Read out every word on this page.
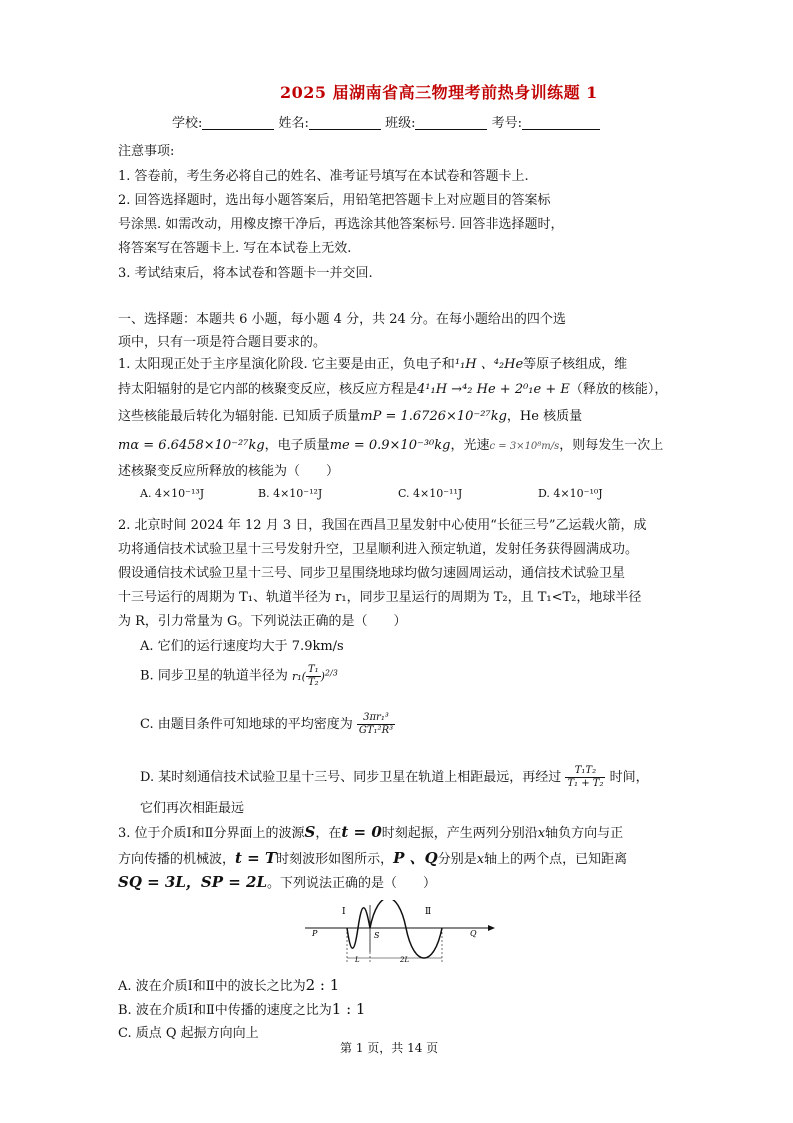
2025 届湖南省高三物理考前热身训练题 1
学校:	姓名:	班级:	考号:
注意事项:
1. 答卷前，考生务必将自己的姓名、准考证号填写在本试卷和答题卡上.
2. 回答选择题时，选出每小题答案后，用铅笔把答题卡上对应题目的答案标
号涂黑. 如需改动，用橡皮擦干净后，再选涂其他答案标号. 回答非选择题时，
将答案写在答题卡上. 写在本试卷上无效.
3. 考试结束后，将本试卷和答题卡一并交回.
一、选择题：本题共 6 小题，每小题 4 分，共 24 分。在每小题给出的四个选
项中，只有一项是符合题目要求的。
1. 太阳现正处于主序星演化阶段. 它主要是由正，负电子和¹₁H 、⁴₂He等原子核组成，维
持太阳辐射的是它内部的核聚变反应，核反应方程是4¹₁H →⁴₂ He + 2⁰₁e + E（释放的核能），
这些核能最后转化为辐射能. 已知质子质量mP = 1.6726×10⁻²⁷kg，He 核质量
mα = 6.6458×10⁻²⁷kg，电子质量me = 0.9×10⁻³⁰kg，光速c = 3×10⁸m/s，则每发生一次上
述核聚变反应所释放的核能为（　　）
A. 4×10⁻¹³J	B. 4×10⁻¹²J	C. 4×10⁻¹¹J	D. 4×10⁻¹⁰J
2. 北京时间 2024 年 12 月 3 日，我国在西昌卫星发射中心使用“长征三号”乙运载火箭，成
功将通信技术试验卫星十三号发射升空，卫星顺利进入预定轨道，发射任务获得圆满成功。
假设通信技术试验卫星十三号、同步卫星围绕地球均做匀速圆周运动，通信技术试验卫星
十三号运行的周期为 T₁、轨道半径为 r₁，同步卫星运行的周期为 T₂，且 T₁<T₂，地球半径
为 R，引力常量为 G。下列说法正确的是（　　）
A. 它们的运行速度均大于 7.9km/s
B. 同步卫星的轨道半径为 $r_1( \frac{\text{T₁}}{\text{T₂}} )^{2/3}$
C. 由题目条件可知地球的平均密度为 $\frac{\text{3πr₁³}}{\text{GT₁²R³}}$
D. 某时刻通信技术试验卫星十三号、同步卫星在轨道上相距最远，再经过 $\frac{\text{T₁T₂}}{\text{T₁ + T₂}}$ 时间，
它们再次相距最远
3. 位于介质Ⅰ和Ⅱ分界面上的波源S，在t = 0时刻起振，产生两列分别沿x轴负方向与正
方向传播的机械波，t = T时刻波形如图所示，P 、Q分别是x轴上的两个点，已知距离
SQ = 3L，SP = 2L。下列说法正确的是（　　）
Ⅰ	Ⅱ
P	S	Q
L	2L
A. 波在介质Ⅰ和Ⅱ中的波长之比为2 : 1
B. 波在介质Ⅰ和Ⅱ中传播的速度之比为1 : 1
C. 质点 Q 起振方向向上
第 1 页，共 14 页
